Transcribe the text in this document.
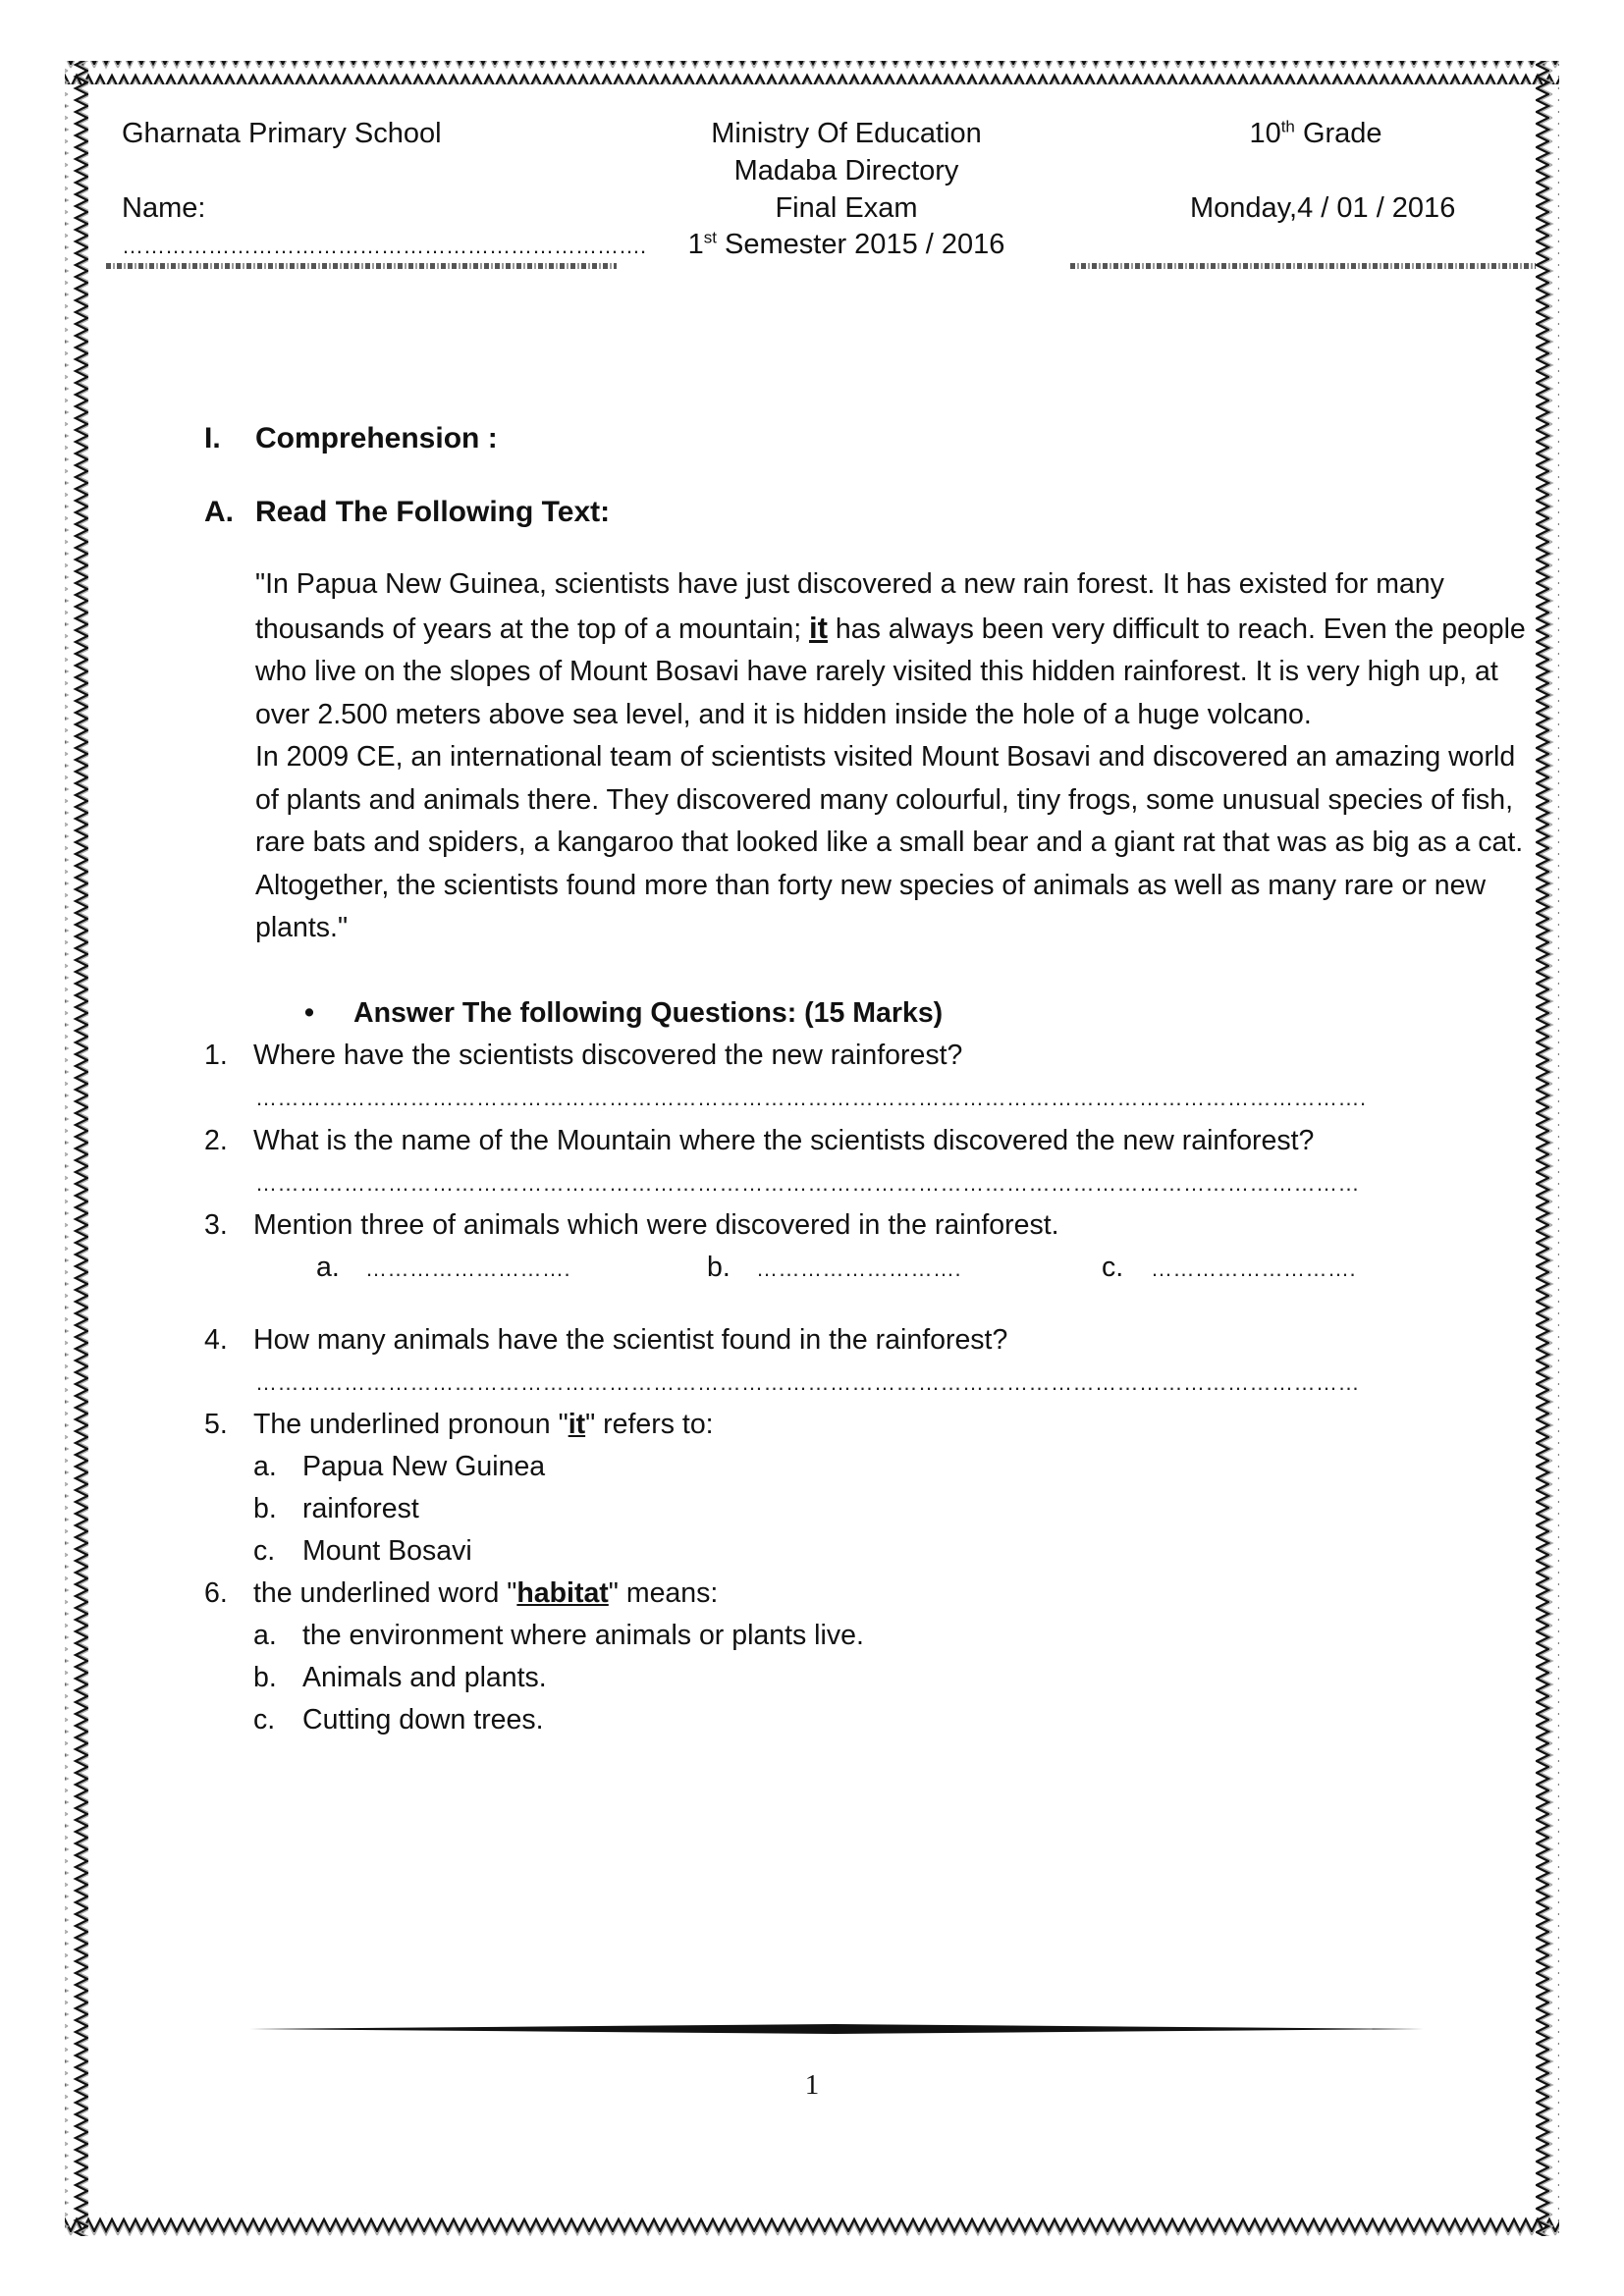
Gharnata Primary School
Name:
……………………………………………………………….
Ministry Of Education
Madaba Directory
Final Exam
1st Semester 2015 / 2016
10th Grade
Monday,4 / 01 / 2016
I. Comprehension :
A. Read The Following Text:

"In Papua New Guinea, scientists have just discovered a new rain forest. It has existed for many thousands of years at the top of a mountain; it has always been very difficult to reach. Even the people who live on the slopes of Mount Bosavi have rarely visited this hidden rainforest. It is very high up, at over 2.500 meters above sea level, and it is hidden inside the hole of a huge volcano.

In 2009 CE, an international team of scientists visited Mount Bosavi and discovered an amazing world of plants and animals there. They discovered many colourful, tiny frogs, some unusual species of fish, rare bats and spiders, a kangaroo that looked like a small bear and a giant rat that was as big as a cat. Altogether, the scientists found more than forty new species of animals as well as many rare or new plants."

• Answer The following Questions: (15 Marks)
1. Where have the scientists discovered the new rainforest?
…………………………………………………………………………………………………………………………………….
2. What is the name of the Mountain where the scientists discovered the new rainforest?
……………………………………………………………………………………………………………………………………
3. Mention three of animals which were discovered in the rainforest.
a. ……………………….	b. ……………………….	c. ……………………….
4. How many animals have the scientist found in the rainforest?
……………………………………………………………………………………………………………………………………
5. The underlined pronoun "it" refers to:
a. Papua New Guinea
b. rainforest
c. Mount Bosavi
6. the underlined word "habitat" means:
a. the environment where animals or plants live.
b. Animals and plants.
c. Cutting down trees.
1
